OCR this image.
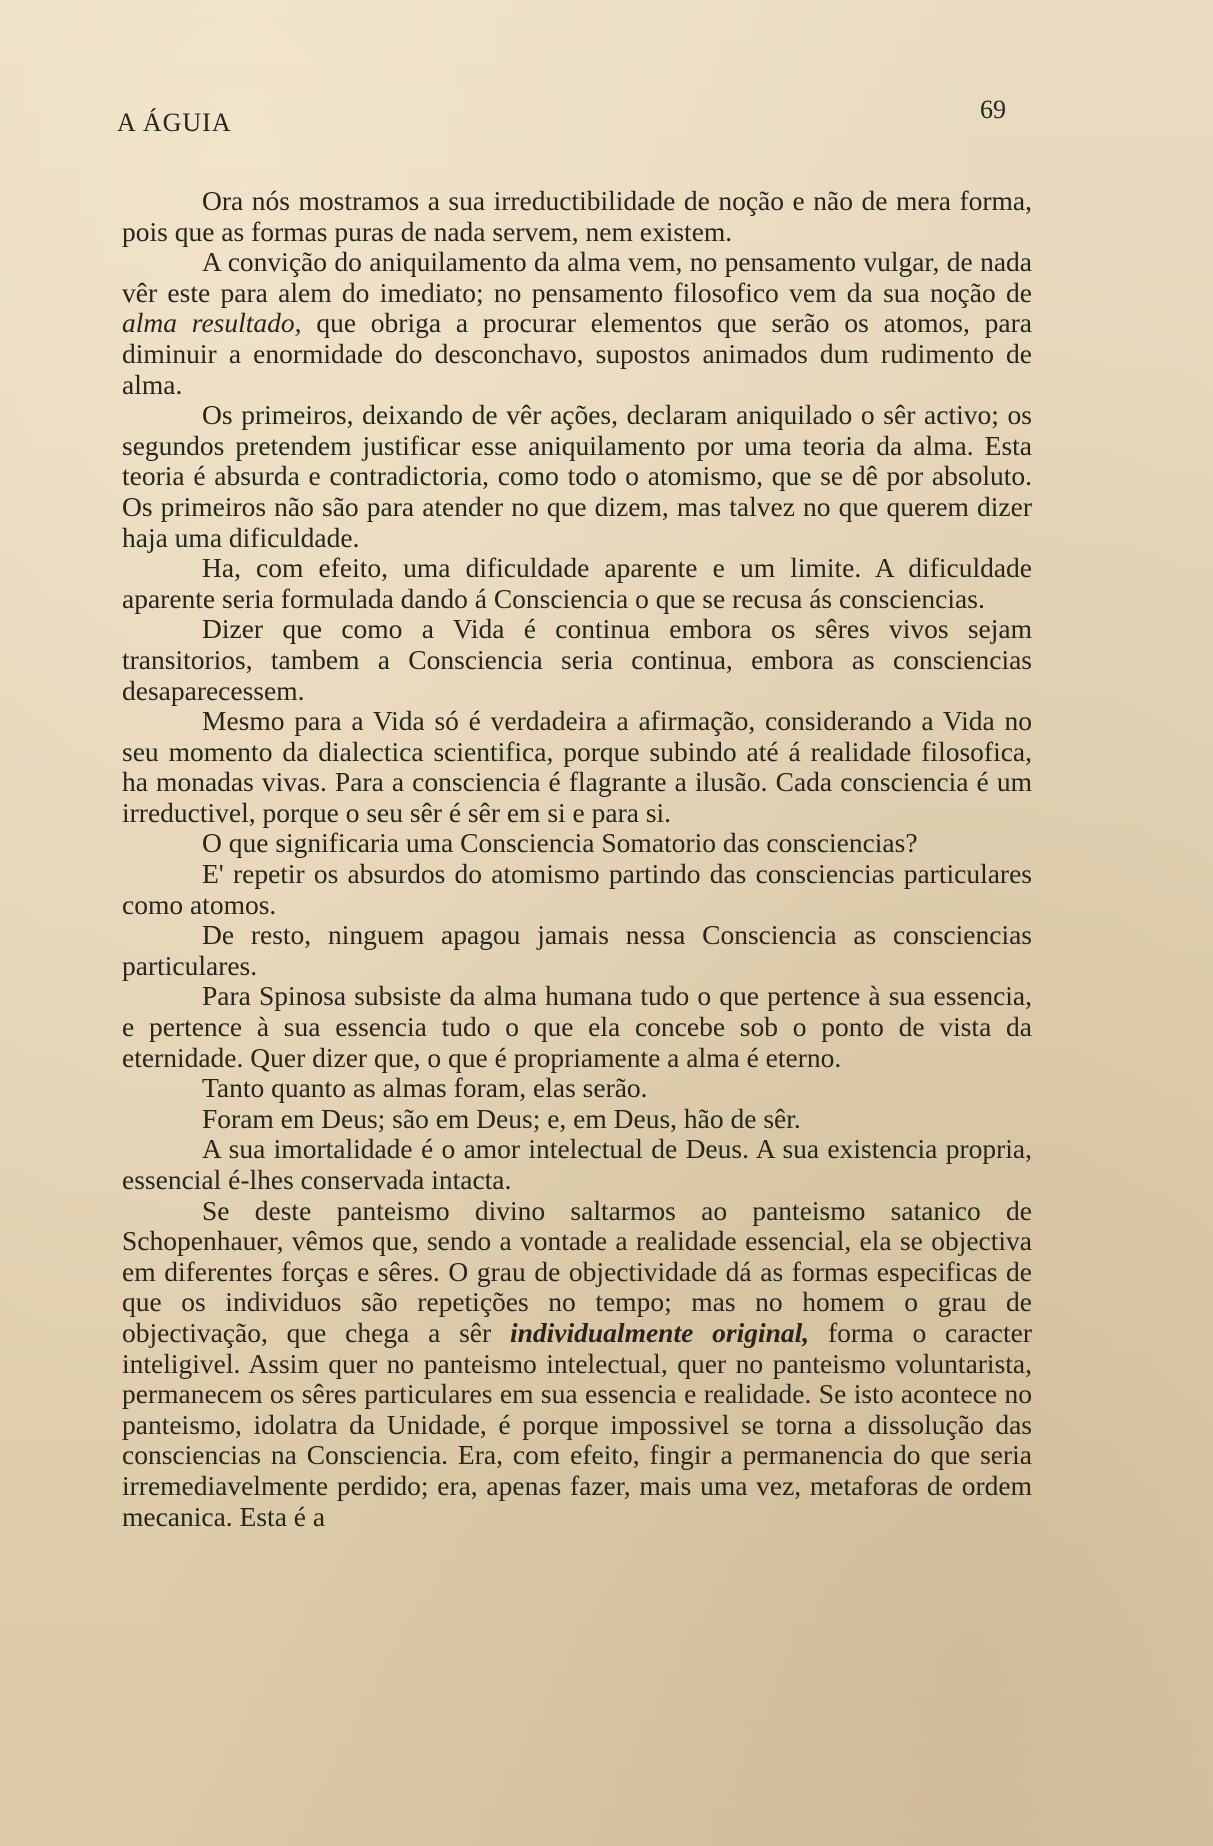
A ÁGUIA	69

Ora nós mostramos a sua irreductibilidade de noção e não de mera forma, pois que as formas puras de nada servem, nem existem.

A convição do aniquilamento da alma vem, no pensamento vulgar, de nada vêr este para alem do imediato; no pensamento filosofico vem da sua noção de alma resultado, que obriga a procurar elementos que serão os atomos, para diminuir a enormidade do desconchavo, supostos animados dum rudimento de alma.

Os primeiros, deixando de vêr ações, declaram aniquilado o sêr activo; os segundos pretendem justificar esse aniquilamento por uma teoria da alma. Esta teoria é absurda e contradictoria, como todo o atomismo, que se dê por absoluto. Os primeiros não são para atender no que dizem, mas talvez no que querem dizer haja uma dificuldade.

Ha, com efeito, uma dificuldade aparente e um limite. A dificuldade aparente seria formulada dando á Consciencia o que se recusa ás consciencias.

Dizer que como a Vida é continua embora os sêres vivos sejam transitorios, tambem a Consciencia seria continua, embora as consciencias desaparecessem.

Mesmo para a Vida só é verdadeira a afirmação, considerando a Vida no seu momento da dialectica scientifica, porque subindo até á realidade filosofica, ha monadas vivas. Para a consciencia é flagrante a ilusão. Cada consciencia é um irreductivel, porque o seu sêr é sêr em si e para si.

O que significaria uma Consciencia Somatorio das consciencias?

E' repetir os absurdos do atomismo partindo das consciencias particulares como atomos.

De resto, ninguem apagou jamais nessa Consciencia as consciencias particulares.

Para Spinosa subsiste da alma humana tudo o que pertence à sua essencia, e pertence à sua essencia tudo o que ela concebe sob o ponto de vista da eternidade. Quer dizer que, o que é propriamente a alma é eterno.

Tanto quanto as almas foram, elas serão.

Foram em Deus; são em Deus; e, em Deus, hão de sêr.

A sua imortalidade é o amor intelectual de Deus. A sua existencia propria, essencial é-lhes conservada intacta.

Se deste panteismo divino saltarmos ao panteismo satanico de Schopenhauer, vêmos que, sendo a vontade a realidade essencial, ela se objectiva em diferentes forças e sêres. O grau de objectividade dá as formas especificas de que os individuos são repetições no tempo; mas no homem o grau de objectivação, que chega a sêr individualmente original, forma o caracter inteligivel. Assim quer no panteismo intelectual, quer no panteismo voluntarista, permanecem os sêres particulares em sua essencia e realidade. Se isto acontece no panteismo, idolatra da Unidade, é porque impossivel se torna a dissolução das consciencias na Consciencia. Era, com efeito, fingir a permanencia do que seria irremediavelmente perdido; era, apenas fazer, mais uma vez, metaforas de ordem mecanica. Esta é a
